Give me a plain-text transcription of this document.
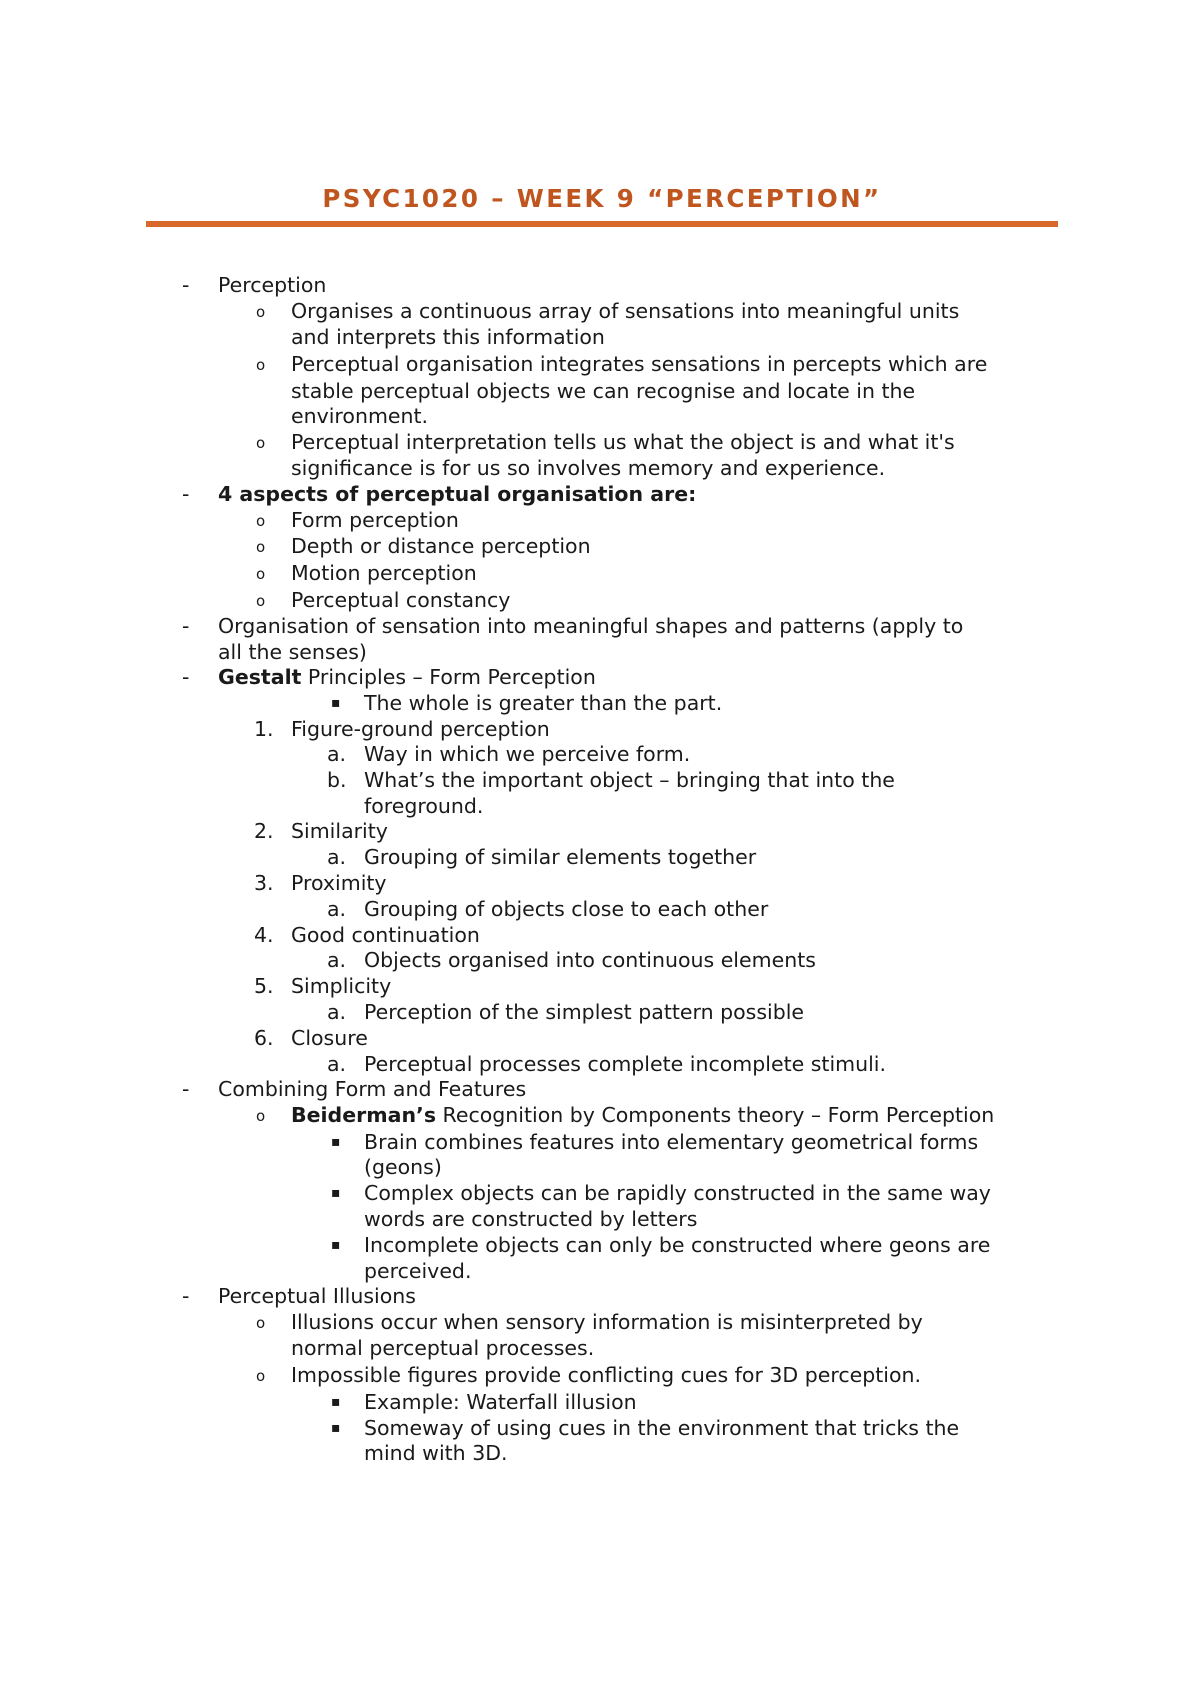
PSYC1020 – WEEK 9 “PERCEPTION”
- Perception
o Organises a continuous array of sensations into meaningful units
and interprets this information
o Perceptual organisation integrates sensations in percepts which are
stable perceptual objects we can recognise and locate in the
environment.
o Perceptual interpretation tells us what the object is and what it's
significance is for us so involves memory and experience.
- 4 aspects of perceptual organisation are:
o Form perception
o Depth or distance perception
o Motion perception
o Perceptual constancy
- Organisation of sensation into meaningful shapes and patterns (apply to
all the senses)
- Gestalt Principles – Form Perception
▪ The whole is greater than the part.
1. Figure-ground perception
a. Way in which we perceive form.
b. What’s the important object – bringing that into the
foreground.
2. Similarity
a. Grouping of similar elements together
3. Proximity
a. Grouping of objects close to each other
4. Good continuation
a. Objects organised into continuous elements
5. Simplicity
a. Perception of the simplest pattern possible
6. Closure
a. Perceptual processes complete incomplete stimuli.
- Combining Form and Features
o Beiderman’s Recognition by Components theory – Form Perception
▪ Brain combines features into elementary geometrical forms
(geons)
▪ Complex objects can be rapidly constructed in the same way
words are constructed by letters
▪ Incomplete objects can only be constructed where geons are
perceived.
- Perceptual Illusions
o Illusions occur when sensory information is misinterpreted by
normal perceptual processes.
o Impossible figures provide conflicting cues for 3D perception.
▪ Example: Waterfall illusion
▪ Someway of using cues in the environment that tricks the
mind with 3D.
